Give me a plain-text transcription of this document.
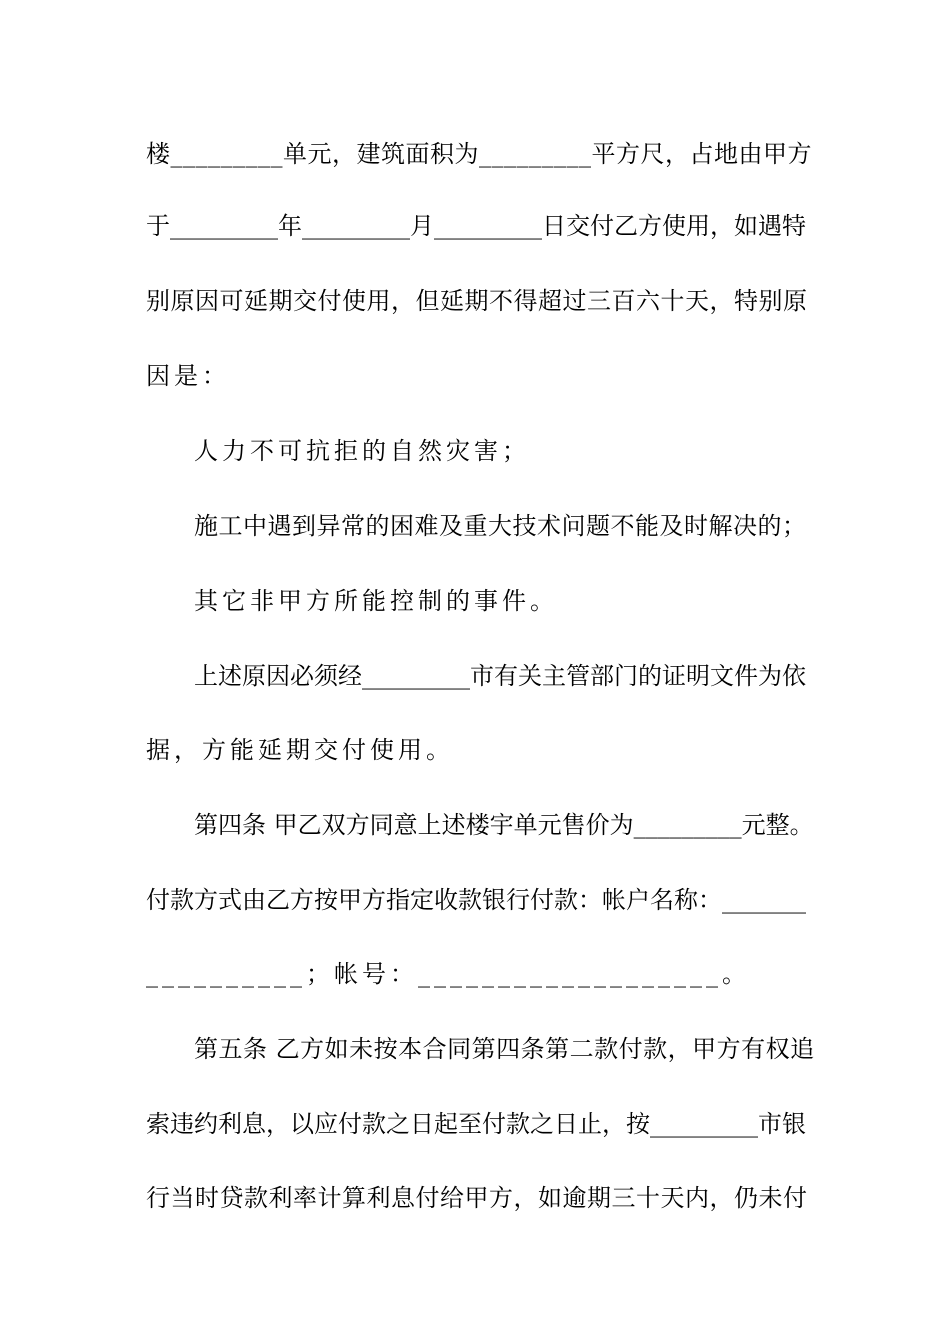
楼_________单元，建筑面积为_________平方尺，占地由甲方
于_________年_________月_________日交付乙方使用，如遇特
别原因可延期交付使用，但延期不得超过三百六十天，特别原
因是：
人力不可抗拒的自然灾害；
施工中遇到异常的困难及重大技术问题不能及时解决的；
其它非甲方所能控制的事件。
上述原因必须经_________市有关主管部门的证明文件为依
据，方能延期交付使用。
第四条 甲乙双方同意上述楼宇单元售价为_________元整。
付款方式由乙方按甲方指定收款银行付款：帐户名称：_______
__________；帐号：___________________。
第五条 乙方如未按本合同第四条第二款付款，甲方有权追
索违约利息，以应付款之日起至付款之日止，按_________市银
行当时贷款利率计算利息付给甲方，如逾期三十天内，仍未付
